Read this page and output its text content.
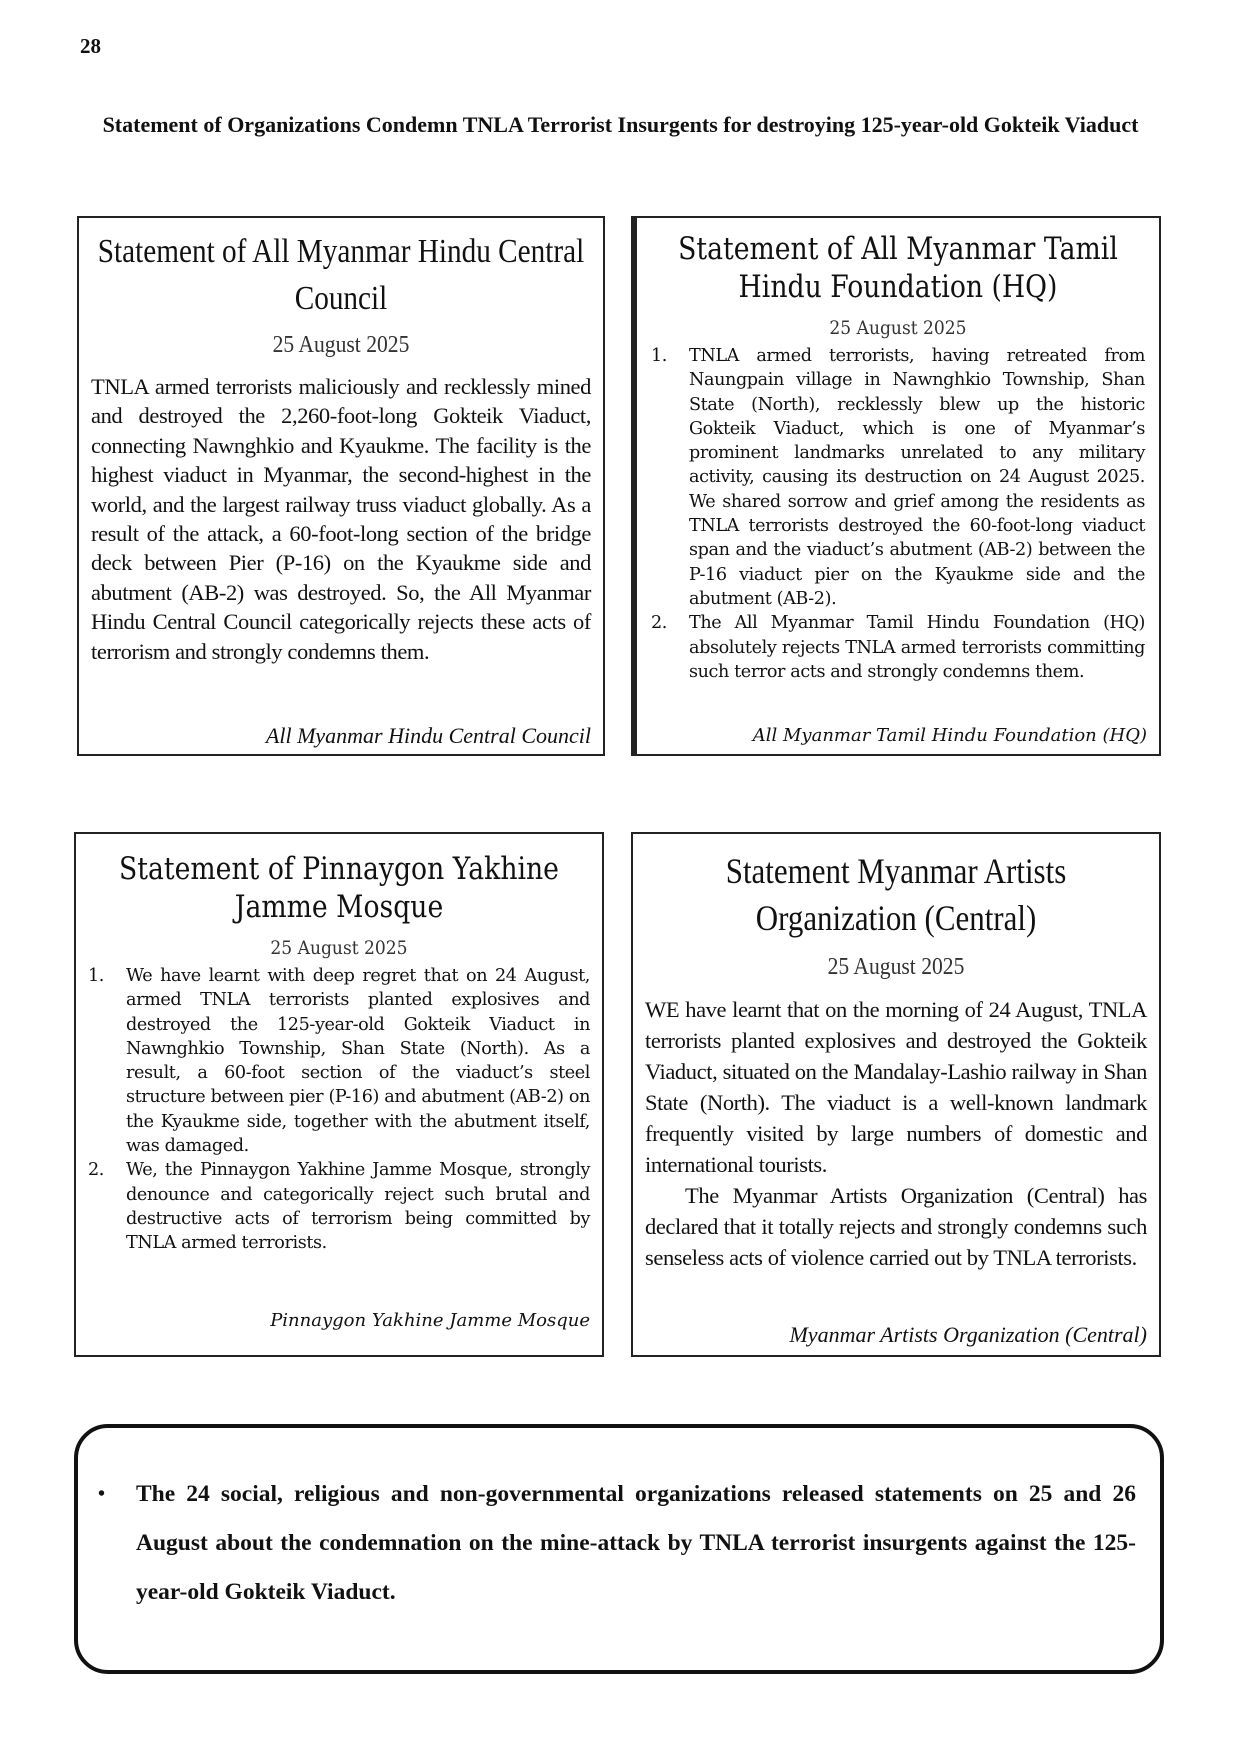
28
Statement of Organizations Condemn TNLA Terrorist Insurgents for destroying 125-year-old Gokteik Viaduct
Statement of All Myanmar Hindu Central Council
25 August 2025
TNLA armed terrorists maliciously and recklessly mined and destroyed the 2,260-foot-long Gokteik Viaduct, connecting Nawnghkio and Kyaukme. The facility is the highest viaduct in Myanmar, the second-highest in the world, and the largest railway truss viaduct globally. As a result of the attack, a 60-foot-long section of the bridge deck between Pier (P-16) on the Kyaukme side and abutment (AB-2) was destroyed. So, the All Myanmar Hindu Central Council categorically rejects these acts of terrorism and strongly condemns them.
All Myanmar Hindu Central Council
Statement of All Myanmar Tamil Hindu Foundation (HQ)
25 August 2025
1.	TNLA armed terrorists, having retreated from Naungpain village in Nawnghkio Township, Shan State (North), recklessly blew up the historic Gokteik Viaduct, which is one of Myanmar’s prominent landmarks unrelated to any military activity, causing its destruction on 24 August 2025. We shared sorrow and grief among the residents as TNLA terrorists destroyed the 60-foot-long viaduct span and the viaduct’s abutment (AB-2) between the P-16 viaduct pier on the Kyaukme side and the abutment (AB-2).
2.	The All Myanmar Tamil Hindu Foundation (HQ) absolutely rejects TNLA armed terrorists committing such terror acts and strongly condemns them.
All Myanmar Tamil Hindu Foundation (HQ)
Statement of Pinnaygon Yakhine Jamme Mosque
25 August 2025
1.	We have learnt with deep regret that on 24 August, armed TNLA terrorists planted explosives and destroyed the 125-year-old Gokteik Viaduct in Nawnghkio Township, Shan State (North). As a result, a 60-foot section of the viaduct’s steel structure between pier (P-16) and abutment (AB-2) on the Kyaukme side, together with the abutment itself, was damaged.
2.	We, the Pinnaygon Yakhine Jamme Mosque, strongly denounce and categorically reject such brutal and destructive acts of terrorism being committed by TNLA armed terrorists.
Pinnaygon Yakhine Jamme Mosque
Statement Myanmar Artists Organization (Central)
25 August 2025
WE have learnt that on the morning of 24 August, TNLA terrorists planted explosives and destroyed the Gokteik Viaduct, situated on the Mandalay-Lashio railway in Shan State (North). The viaduct is a well-known landmark frequently visited by large numbers of domestic and international tourists.
The Myanmar Artists Organization (Central) has declared that it totally rejects and strongly condemns such senseless acts of violence carried out by TNLA terrorists.
Myanmar Artists Organization (Central)
•	The 24 social, religious and non-governmental organizations released statements on 25 and 26 August about the condemnation on the mine-attack by TNLA terrorist insurgents against the 125-year-old Gokteik Viaduct.
